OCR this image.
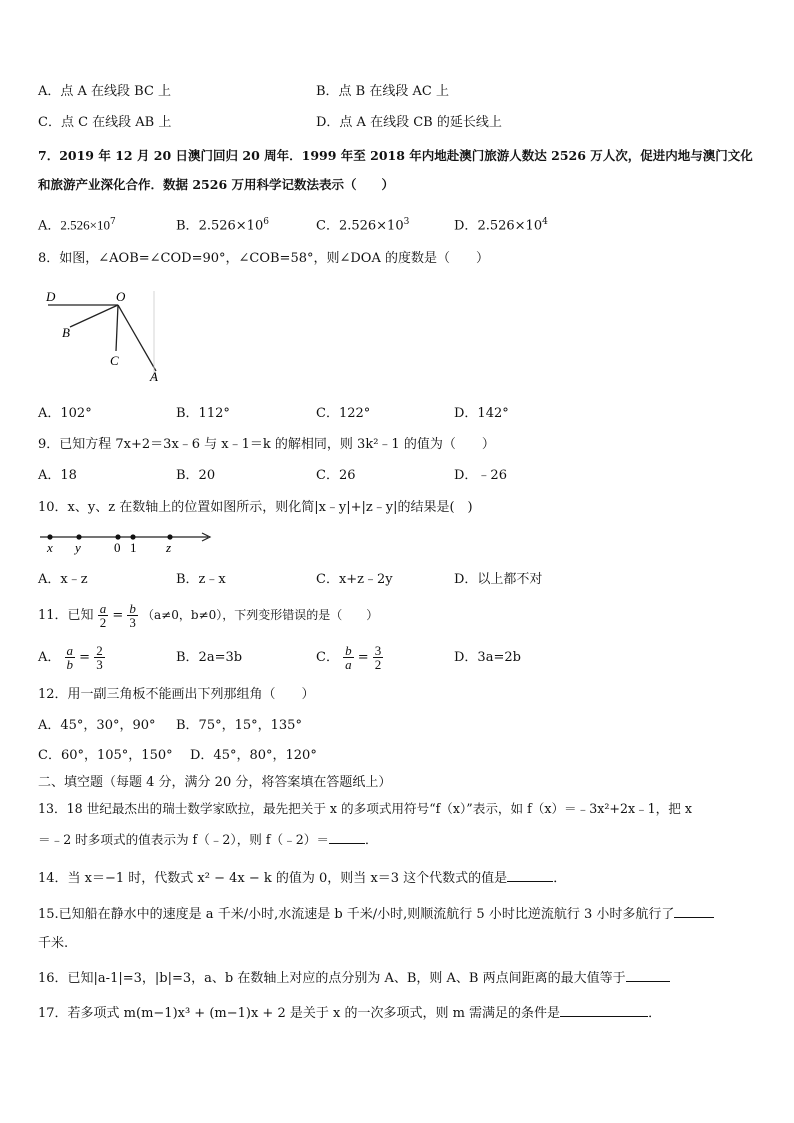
A．点 A 在线段 BC 上	B．点 B 在线段 AC 上
C．点 C 在线段 AB 上	D．点 A 在线段 CB 的延长线上
7．2019 年 12 月 20 日澳门回归 20 周年．1999 年至 2018 年内地赴澳门旅游人数达 2526 万人次，促进内地与澳门文化
和旅游产业深化合作．数据 2526 万用科学记数法表示（　　）
A．$2.526\times 10^7$	B．$2.526\times 10^6$	C．$2.526\times 10^3$	D．$2.526\times 10^4$
8．如图，∠AOB=∠COD=90°，∠COB=58°，则∠DOA 的度数是（　　）
D	O
B
C
A
A．102°	B．112°	C．122°	D．142°
9．已知方程 7x+2＝3x﹣6 与 x﹣1＝k 的解相同，则 3k²﹣1 的值为（　　）
A．18	B．20	C．26	D．﹣26
10．x、y、z 在数轴上的位置如图所示，则化简|x﹣y|+|z﹣y|的结果是(　)
x y	0 1 z
A．x﹣z	B．z﹣x	C．x+z﹣2y	D．以上都不对
11．已知 $\frac{a}{2} = \frac{b}{3} (a\ne 0$，b≠0），下列变形错误的是（　　）
A． $\frac{a}{b} = \frac{2}{3}$	B．2a=3b	C． $\frac{b}{a} = \frac{3}{2}$	D．3a=2b
12．用一副三角板不能画出下列那组角（　　）
A．45°，30°，90° B．75°，15°，135°
C．60°，105°，150° D．45°，80°，120°
二、填空题（每题 4 分，满分 20 分，将答案填在答题纸上）
13．18 世纪最杰出的瑞士数学家欧拉，最先把关于 x 的多项式用符号“f（x）”表示，如 f（x）＝﹣3x²+2x﹣1，把 x
＝﹣2 时多项式的值表示为 f（﹣2），则 f（﹣2）＝	．
14．当 x＝−1 时，代数式 x² − 4x − k 的值为 0，则当 x＝3 这个代数式的值是	．
15.已知船在静水中的速度是 a 千米/小时,水流速是 b 千米/小时,则顺流航行 5 小时比逆流航行 3 小时多航行了
千米.
16．已知|a-1|=3，|b|=3，a、b 在数轴上对应的点分别为 A、B，则 A、B 两点间距离的最大值等于
17．若多项式 m(m−1)x³ + (m−1)x + 2 是关于 x 的一次多项式，则 m 需满足的条件是	．
